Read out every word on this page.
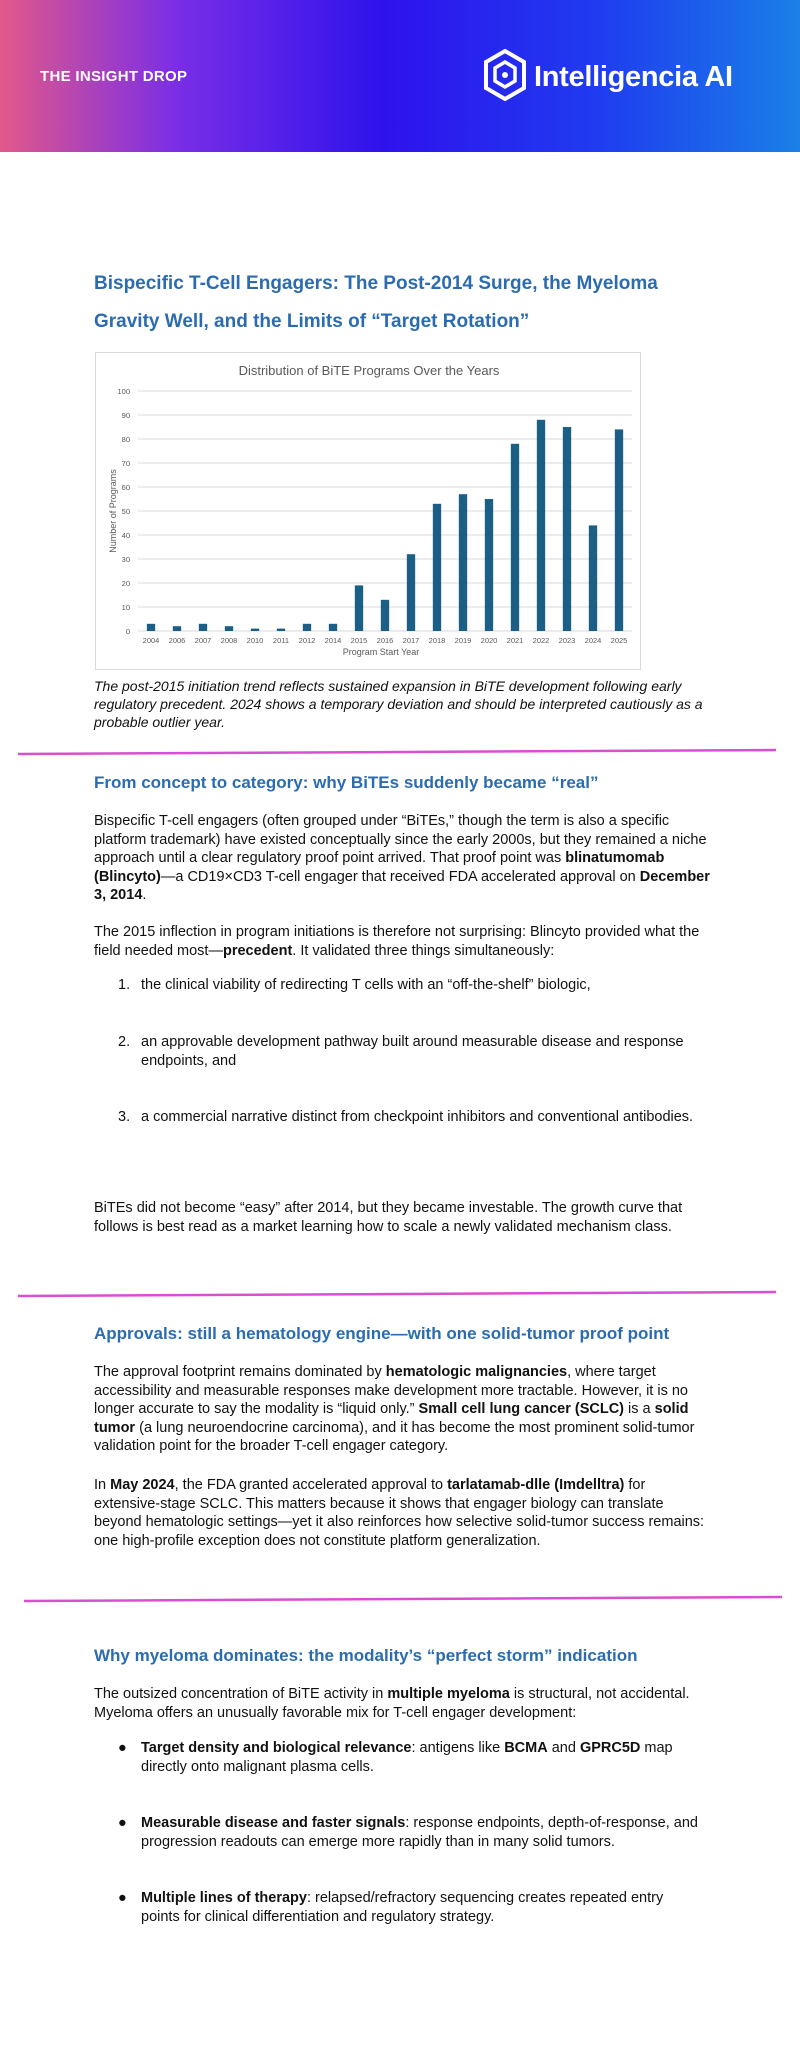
THE INSIGHT DROP	Intelligencia AI
Bispecific T-Cell Engagers: The Post-2014 Surge, the Myeloma Gravity Well, and the Limits of “Target Rotation”
Distribution of BiTE Programs Over the Years
0
10
20
30
40
50
60
70
80
90
100
2004 2006 2007 2008 2010 2011 2012 2014 2015 2016 2017 2018 2019 2020 2021 2022 2023 2024 2025
Program Start Year
Number of Programs
The post-2015 initiation trend reflects sustained expansion in BiTE development following early regulatory precedent. 2024 shows a temporary deviation and should be interpreted cautiously as a probable outlier year.
From concept to category: why BiTEs suddenly became “real”

Bispecific T-cell engagers (often grouped under “BiTEs,” though the term is also a specific platform trademark) have existed conceptually since the early 2000s, but they remained a niche approach until a clear regulatory proof point arrived. That proof point was blinatumomab (Blincyto)—a CD19×CD3 T-cell engager that received FDA accelerated approval on December 3, 2014.

The 2015 inflection in program initiations is therefore not surprising: Blincyto provided what the field needed most—precedent. It validated three things simultaneously:

1. the clinical viability of redirecting T cells with an “off-the-shelf” biologic,
2. an approvable development pathway built around measurable disease and response endpoints, and
3. a commercial narrative distinct from checkpoint inhibitors and conventional antibodies.

BiTEs did not become “easy” after 2014, but they became investable. The growth curve that follows is best read as a market learning how to scale a newly validated mechanism class.

Approvals: still a hematology engine—with one solid-tumor proof point

The approval footprint remains dominated by hematologic malignancies, where target accessibility and measurable responses make development more tractable. However, it is no longer accurate to say the modality is “liquid only.” Small cell lung cancer (SCLC) is a solid tumor (a lung neuroendocrine carcinoma), and it has become the most prominent solid-tumor validation point for the broader T-cell engager category.

In May 2024, the FDA granted accelerated approval to tarlatamab-dlle (Imdelltra) for extensive-stage SCLC. This matters because it shows that engager biology can translate beyond hematologic settings—yet it also reinforces how selective solid-tumor success remains: one high-profile exception does not constitute platform generalization.

Why myeloma dominates: the modality’s “perfect storm” indication

The outsized concentration of BiTE activity in multiple myeloma is structural, not accidental. Myeloma offers an unusually favorable mix for T-cell engager development:

● Target density and biological relevance: antigens like BCMA and GPRC5D map directly onto malignant plasma cells.
● Measurable disease and faster signals: response endpoints, depth-of-response, and progression readouts can emerge more rapidly than in many solid tumors.
● Multiple lines of therapy: relapsed/refractory sequencing creates repeated entry points for clinical differentiation and regulatory strategy.
